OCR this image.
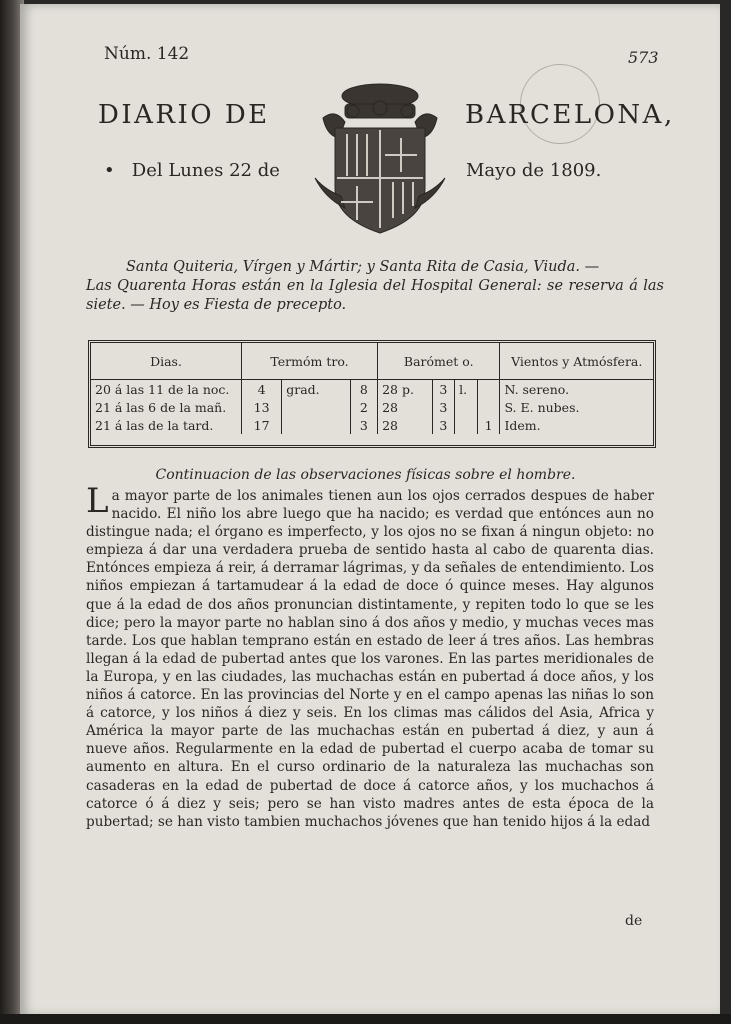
Núm. 142	573
DIARIO DE	BARCELONA,
•   Del Lunes 22 de	Mayo de 1809.
Santa Quiteria, Vírgen y Mártir; y Santa Rita de Casia, Viuda. —
Las Quarenta Horas están en la Iglesia del Hospital General: se reserva á las siete. — Hoy es Fiesta de precepto.
Dias.	Termóm tro.			Barómet o.				Vientos y Atmósfera.
20 á las 11 de la noc.	4	grad.	8	28 p.	3	l.		N. sereno.
21 á las 6 de la mañ.	13		2	28	3			S. E. nubes.
21 á las de la tard.	17		3	28	3		1	Idem.
Continuacion de las observaciones físicas sobre el hombre.
L a mayor parte de los animales tienen aun los ojos cerrados despues de haber nacido. El niño los abre luego que ha nacido; es verdad que entónces aun no distingue nada; el órgano es imperfecto, y los ojos no se fixan á ningun objeto: no empieza á dar una verdadera prueba de sentido hasta al cabo de quarenta dias. Entónces empieza á reir, á derramar lágrimas, y da señales de entendimiento. Los niños empiezan á tartamudear á la edad de doce ó quince meses. Hay algunos que á la edad de dos años pronuncian distintamente, y repiten todo lo que se les dice; pero la mayor parte no hablan sino á dos años y medio, y muchas veces mas tarde. Los que hablan temprano están en estado de leer á tres años. Las hembras llegan á la edad de pubertad antes que los varones. En las partes meridionales de la Europa, y en las ciudades, las muchachas están en pubertad á doce años, y los niños á catorce. En las provincias del Norte y en el campo apenas las niñas lo son á catorce, y los niños á diez y seis. En los climas mas cálidos del Asia, Africa y América la mayor parte de las muchachas están en pubertad á diez, y aun á nueve años. Regularmente en la edad de pubertad el cuerpo acaba de tomar su aumento en altura. En el curso ordinario de la naturaleza las muchachas son casaderas en la edad de pubertad de doce á catorce años, y los muchachos á catorce ó á diez y seis; pero se han visto madres antes de esta época de la pubertad; se han visto tambien muchachos jóvenes que han tenido hijos á la edad
de
